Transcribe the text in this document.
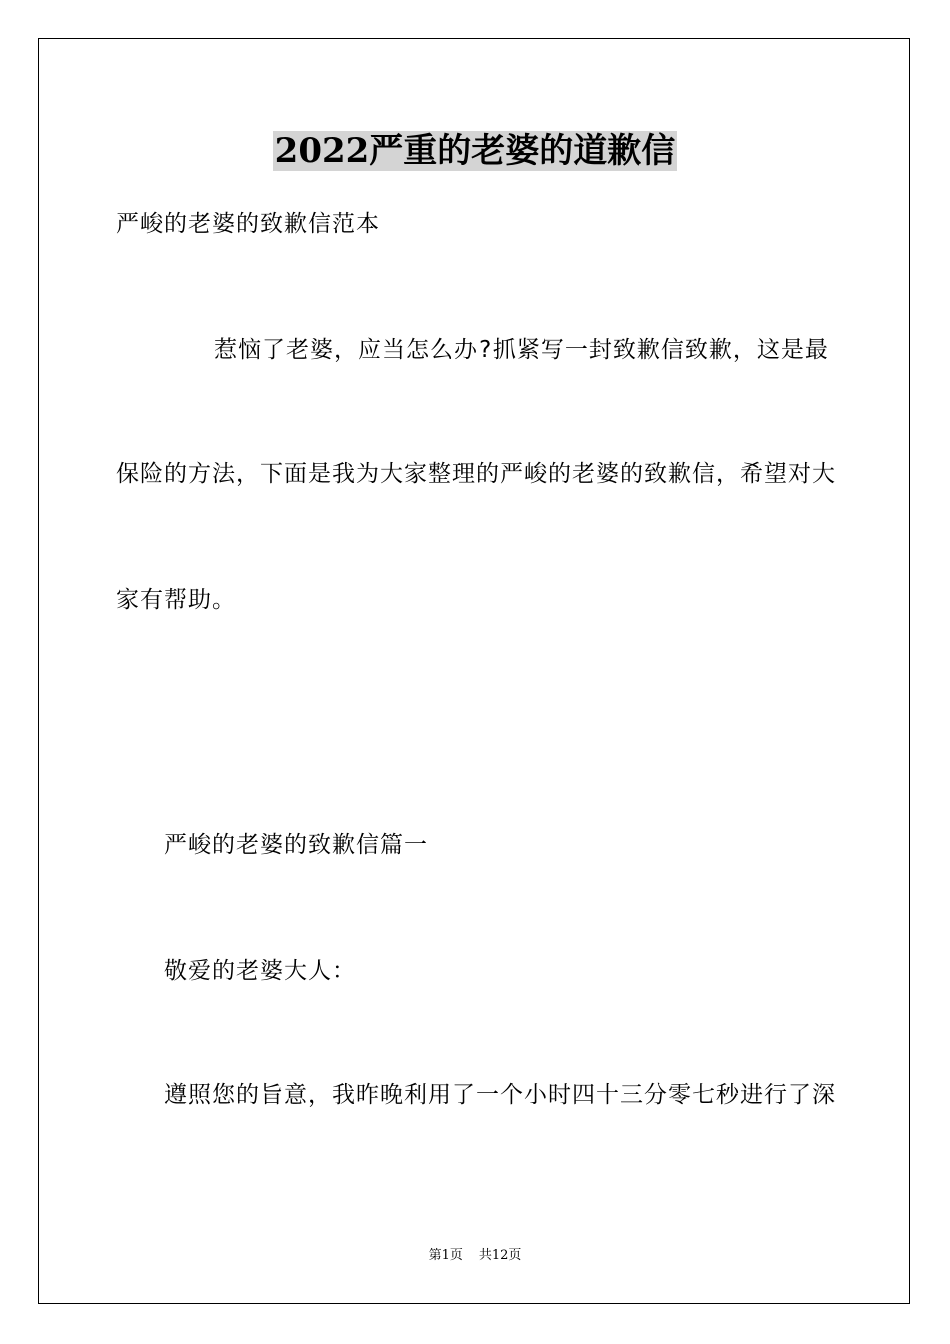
2022严重的老婆的道歉信
严峻的老婆的致歉信范本
惹恼了老婆，应当怎么办?抓紧写一封致歉信致歉，这是最
保险的方法，下面是我为大家整理的严峻的老婆的致歉信，希望对大
家有帮助。
严峻的老婆的致歉信篇一
敬爱的老婆大人：
遵照您的旨意，我昨晚利用了一个小时四十三分零七秒进行了深
第1页 共12页
